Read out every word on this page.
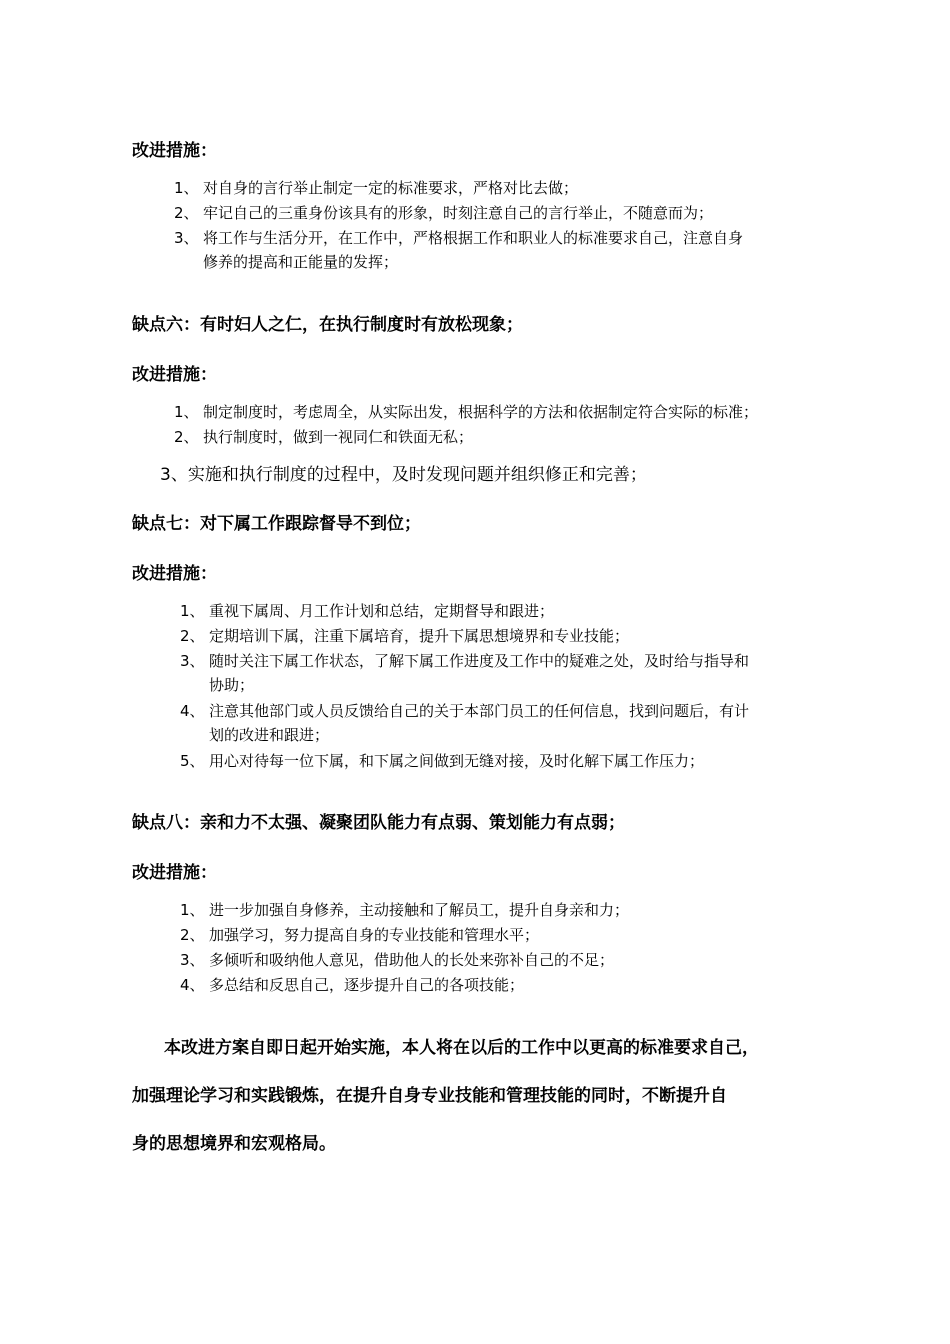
改进措施：
1、 对自身的言行举止制定一定的标准要求，严格对比去做；
2、 牢记自己的三重身份该具有的形象，时刻注意自己的言行举止，不随意而为；
3、 将工作与生活分开，在工作中，严格根据工作和职业人的标准要求自己，注意自身
修养的提高和正能量的发挥；
缺点六：有时妇人之仁，在执行制度时有放松现象；
改进措施：
1、 制定制度时，考虑周全，从实际出发，根据科学的方法和依据制定符合实际的标准；
2、 执行制度时，做到一视同仁和铁面无私；
3、实施和执行制度的过程中，及时发现问题并组织修正和完善；
缺点七：对下属工作跟踪督导不到位；
改进措施：
1、 重视下属周、月工作计划和总结，定期督导和跟进；
2、 定期培训下属，注重下属培育，提升下属思想境界和专业技能；
3、 随时关注下属工作状态，了解下属工作进度及工作中的疑难之处，及时给与指导和
协助；
4、 注意其他部门或人员反馈给自己的关于本部门员工的任何信息，找到问题后，有计
划的改进和跟进；
5、 用心对待每一位下属，和下属之间做到无缝对接，及时化解下属工作压力；
缺点八：亲和力不太强、凝聚团队能力有点弱、策划能力有点弱；
改进措施：
1、 进一步加强自身修养，主动接触和了解员工，提升自身亲和力；
2、 加强学习，努力提高自身的专业技能和管理水平；
3、 多倾听和吸纳他人意见，借助他人的长处来弥补自己的不足；
4、 多总结和反思自己，逐步提升自己的各项技能；
本改进方案自即日起开始实施，本人将在以后的工作中以更高的标准要求自己，
加强理论学习和实践锻炼，在提升自身专业技能和管理技能的同时，不断提升自
身的思想境界和宏观格局。
